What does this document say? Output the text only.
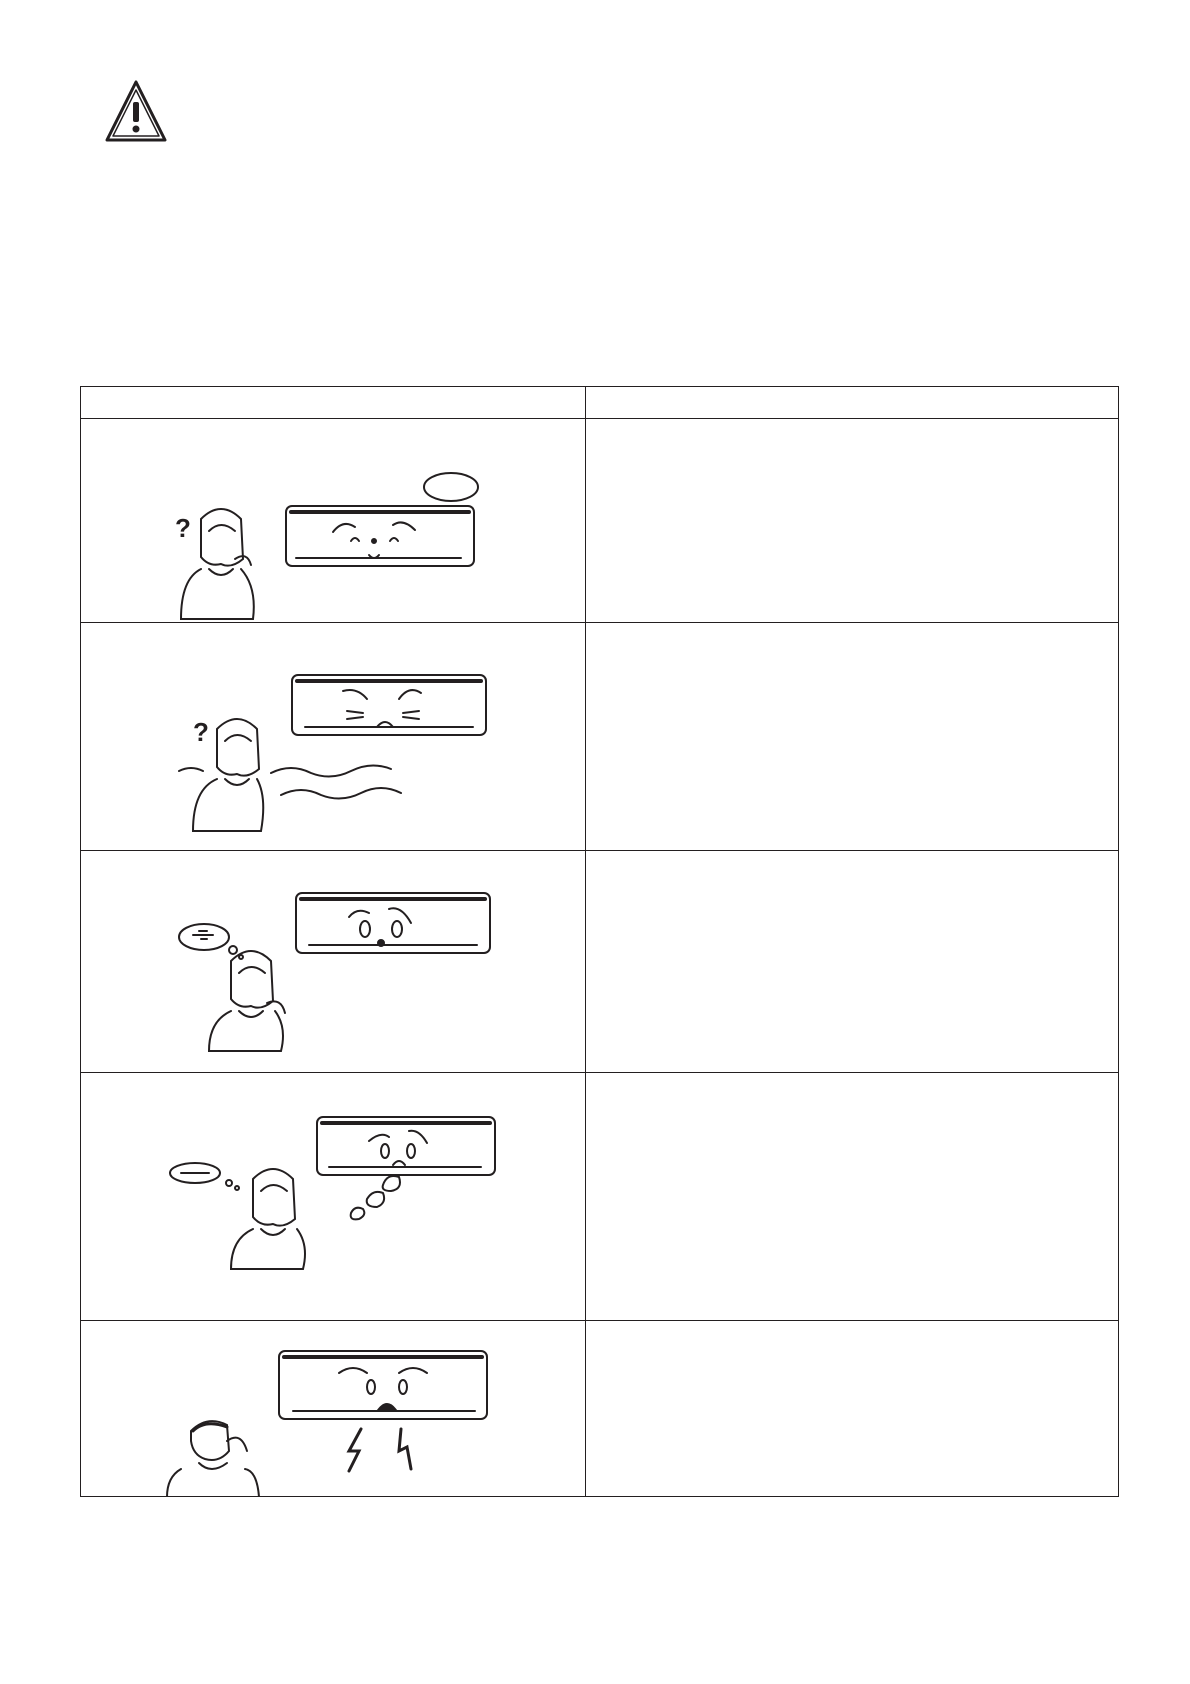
?	

?	
